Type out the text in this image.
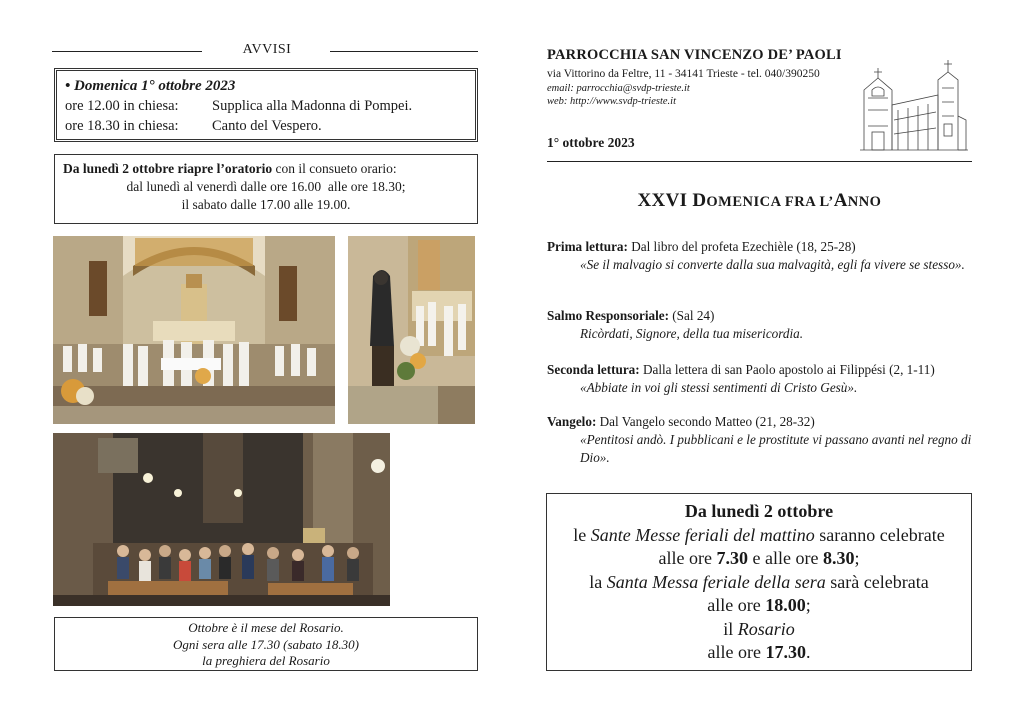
AVVISI
• Domenica 1° ottobre 2023
ore 12.00 in chiesa:	Supplica alla Madonna di Pompei.
ore 18.30 in chiesa:	Canto del Vespero.
Da lunedì 2 ottobre riapre l’oratorio con il consueto orario:
dal lunedì al venerdì dalle ore 16.00  alle ore 18.30;
il sabato dalle 17.00 alle 19.00.
Ottobre è il mese del Rosario.
Ogni sera alle 17.30 (sabato 18.30)
la preghiera del Rosario
PARROCCHIA SAN VINCENZO DE’ PAOLI
via Vittorino da Feltre, 11 - 34141 Trieste - tel. 040/390250
email: parrocchia@svdp-trieste.it
web: http://www.svdp-trieste.it
1° ottobre 2023
XXVI DOMENICA FRA L’ANNO
Prima lettura: Dal libro del profeta Ezechièle (18, 25-28)
«Se il malvagio si converte dalla sua malvagità, egli fa vivere se stesso».
Salmo Responsoriale: (Sal 24)
Ricòrdati, Signore, della tua misericordia.
Seconda lettura: Dalla lettera di san Paolo apostolo ai Filippési (2, 1-11)
«Abbiate in voi gli stessi sentimenti di Cristo Gesù».
Vangelo: Dal Vangelo secondo Matteo (21, 28-32)
«Pentitosi andò. I pubblicani e le prostitute vi passano avanti nel regno di Dio».
Da lunedì 2 ottobre
le Sante Messe feriali del mattino saranno celebrate
alle ore 7.30 e alle ore 8.30;
la Santa Messa feriale della sera sarà celebrata
alle ore 18.00;
il Rosario
alle ore 17.30.
